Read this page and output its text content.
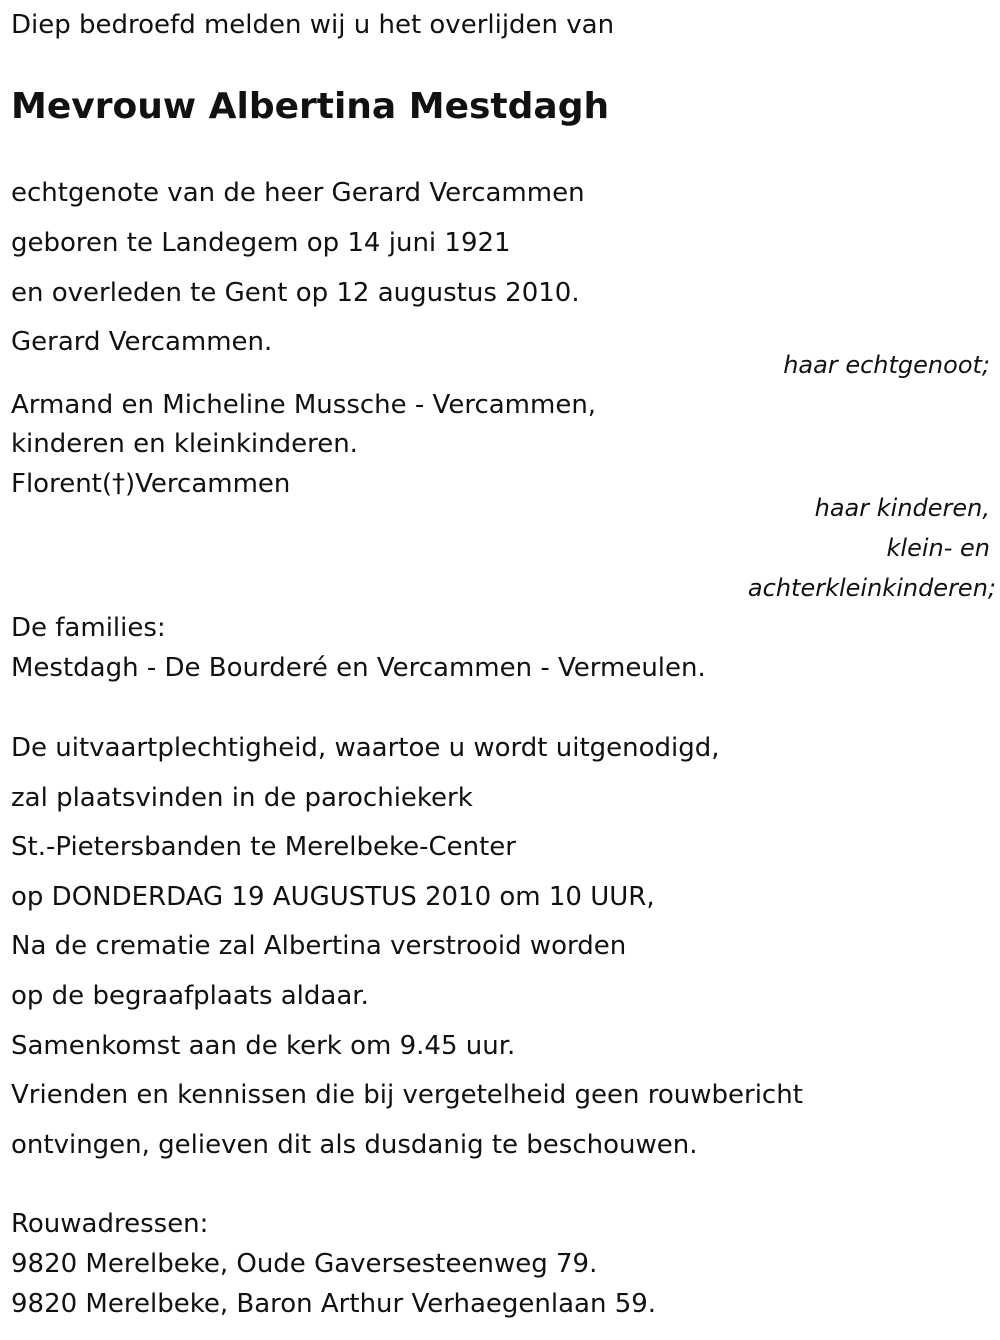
Diep bedroefd melden wij u het overlijden van
Mevrouw Albertina Mestdagh
echtgenote van de heer Gerard Vercammen
geboren te Landegem op 14 juni 1921
en overleden te Gent op 12 augustus 2010.
Gerard Vercammen.
haar echtgenoot;
Armand en Micheline Mussche - Vercammen,
kinderen en kleinkinderen.
Florent(†)Vercammen
haar kinderen,
klein- en
achterkleinkinderen;
De families:
Mestdagh - De Bourderé en Vercammen - Vermeulen.
De uitvaartplechtigheid, waartoe u wordt uitgenodigd,
zal plaatsvinden in de parochiekerk
St.-Pietersbanden te Merelbeke-Center
op DONDERDAG 19 AUGUSTUS 2010 om 10 UUR,
Na de crematie zal Albertina verstrooid worden
op de begraafplaats aldaar.
Samenkomst aan de kerk om 9.45 uur.
Vrienden en kennissen die bij vergetelheid geen rouwbericht
ontvingen, gelieven dit als dusdanig te beschouwen.
Rouwadressen:
9820 Merelbeke, Oude Gaversesteenweg 79.
9820 Merelbeke, Baron Arthur Verhaegenlaan 59.
